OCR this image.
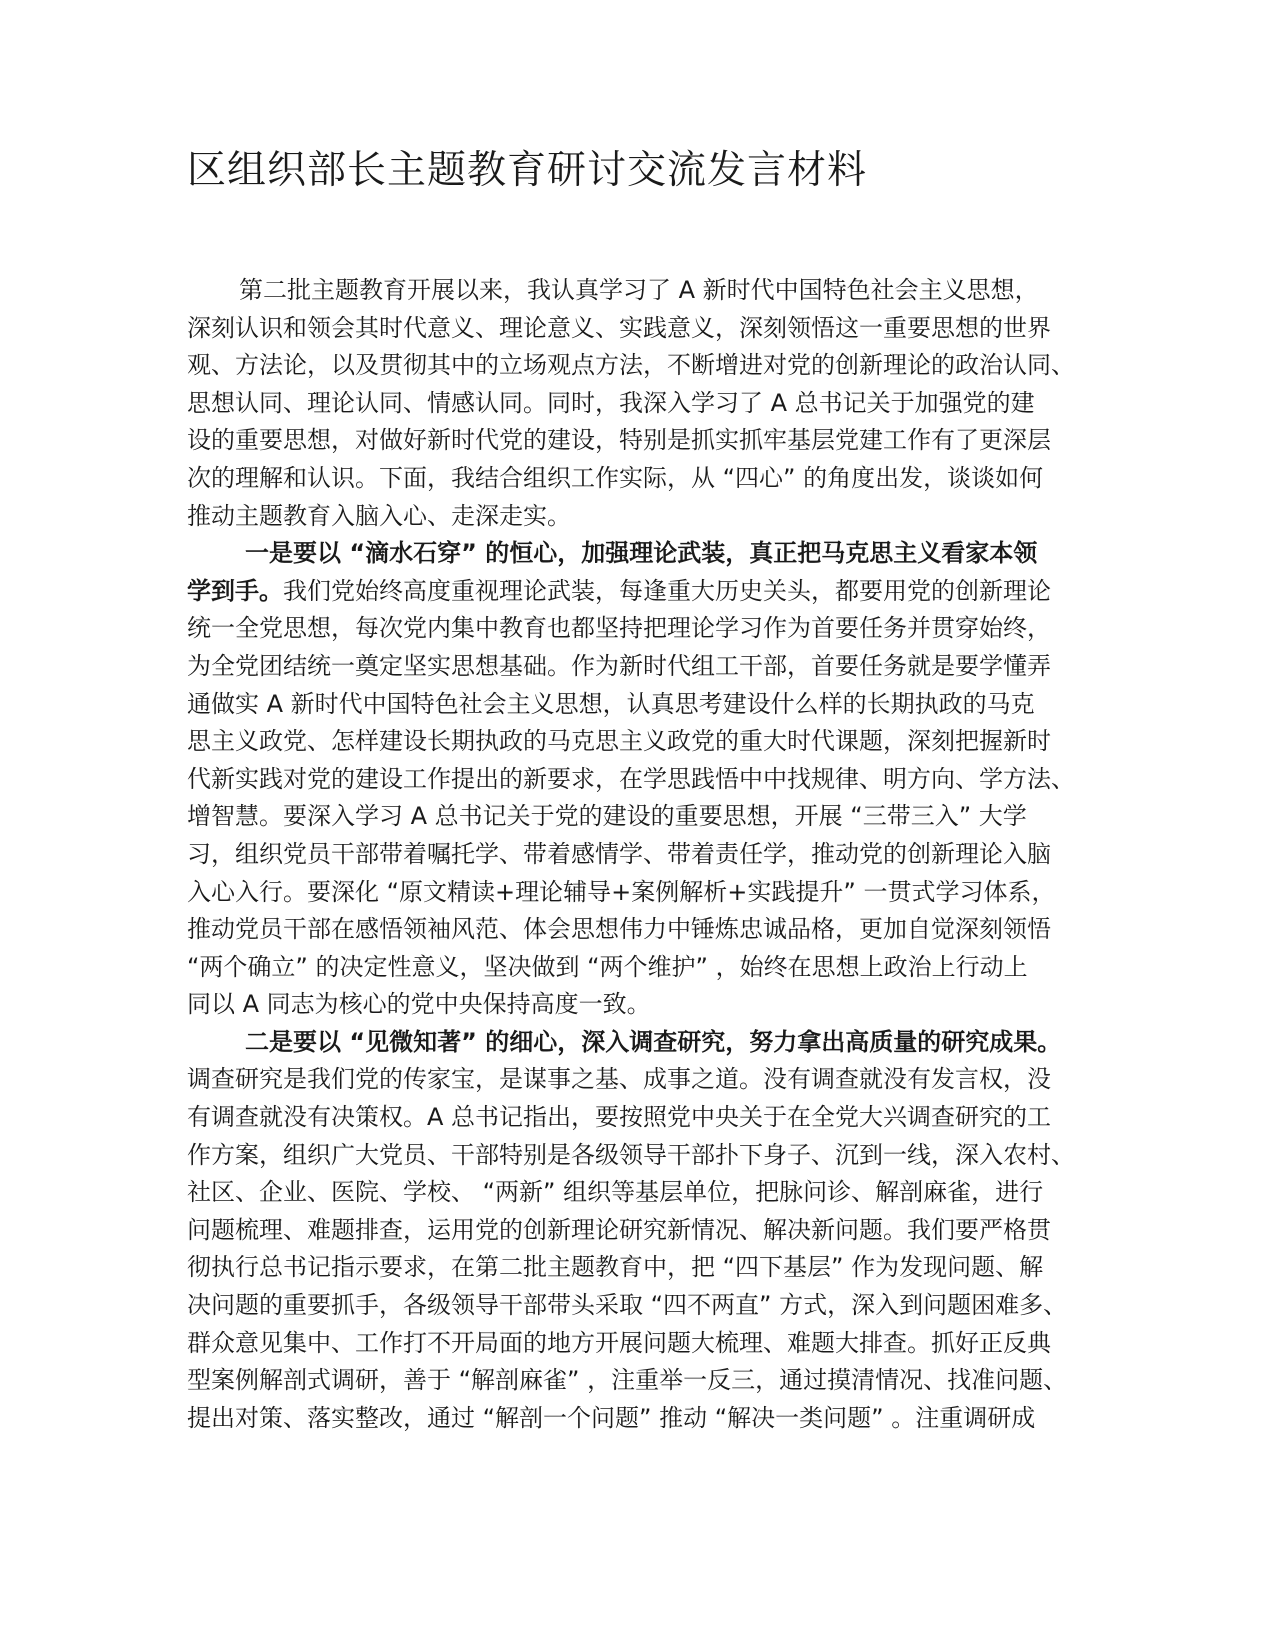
区组织部长主题教育研讨交流发言材料
第二批主题教育开展以来，我认真学习了 A 新时代中国特色社会主义思想，
深刻认识和领会其时代意义、理论意义、实践意义，深刻领悟这一重要思想的世界
观、方法论，以及贯彻其中的立场观点方法，不断增进对党的创新理论的政治认同、
思想认同、理论认同、情感认同。同时，我深入学习了 A 总书记关于加强党的建
设的重要思想，对做好新时代党的建设，特别是抓实抓牢基层党建工作有了更深层
次的理解和认识。下面，我结合组织工作实际，从 “四心” 的角度出发，谈谈如何
推动主题教育入脑入心、走深走实。
一是要以 “滴水石穿” 的恒心，加强理论武装，真正把马克思主义看家本领
学到手。我们党始终高度重视理论武装，每逢重大历史关头，都要用党的创新理论
统一全党思想，每次党内集中教育也都坚持把理论学习作为首要任务并贯穿始终，
为全党团结统一奠定坚实思想基础。作为新时代组工干部，首要任务就是要学懂弄
通做实 A 新时代中国特色社会主义思想，认真思考建设什么样的长期执政的马克
思主义政党、怎样建设长期执政的马克思主义政党的重大时代课题，深刻把握新时
代新实践对党的建设工作提出的新要求，在学思践悟中中找规律、明方向、学方法、
增智慧。要深入学习 A 总书记关于党的建设的重要思想，开展 “三带三入” 大学
习，组织党员干部带着嘱托学、带着感情学、带着责任学，推动党的创新理论入脑
入心入行。要深化 “原文精读+理论辅导+案例解析+实践提升” 一贯式学习体系，
推动党员干部在感悟领袖风范、体会思想伟力中锤炼忠诚品格，更加自觉深刻领悟
“两个确立” 的决定性意义，坚决做到 “两个维护” ，始终在思想上政治上行动上
同以 A 同志为核心的党中央保持高度一致。
二是要以 “见微知著” 的细心，深入调查研究，努力拿出高质量的研究成果。
调查研究是我们党的传家宝，是谋事之基、成事之道。没有调查就没有发言权，没
有调查就没有决策权。A 总书记指出，要按照党中央关于在全党大兴调查研究的工
作方案，组织广大党员、干部特别是各级领导干部扑下身子、沉到一线，深入农村、
社区、企业、医院、学校、 “两新” 组织等基层单位，把脉问诊、解剖麻雀，进行
问题梳理、难题排查，运用党的创新理论研究新情况、解决新问题。我们要严格贯
彻执行总书记指示要求，在第二批主题教育中，把 “四下基层” 作为发现问题、解
决问题的重要抓手，各级领导干部带头采取 “四不两直” 方式，深入到问题困难多、
群众意见集中、工作打不开局面的地方开展问题大梳理、难题大排查。抓好正反典
型案例解剖式调研，善于 “解剖麻雀” ，注重举一反三，通过摸清情况、找准问题、
提出对策、落实整改，通过 “解剖一个问题” 推动 “解决一类问题” 。注重调研成
